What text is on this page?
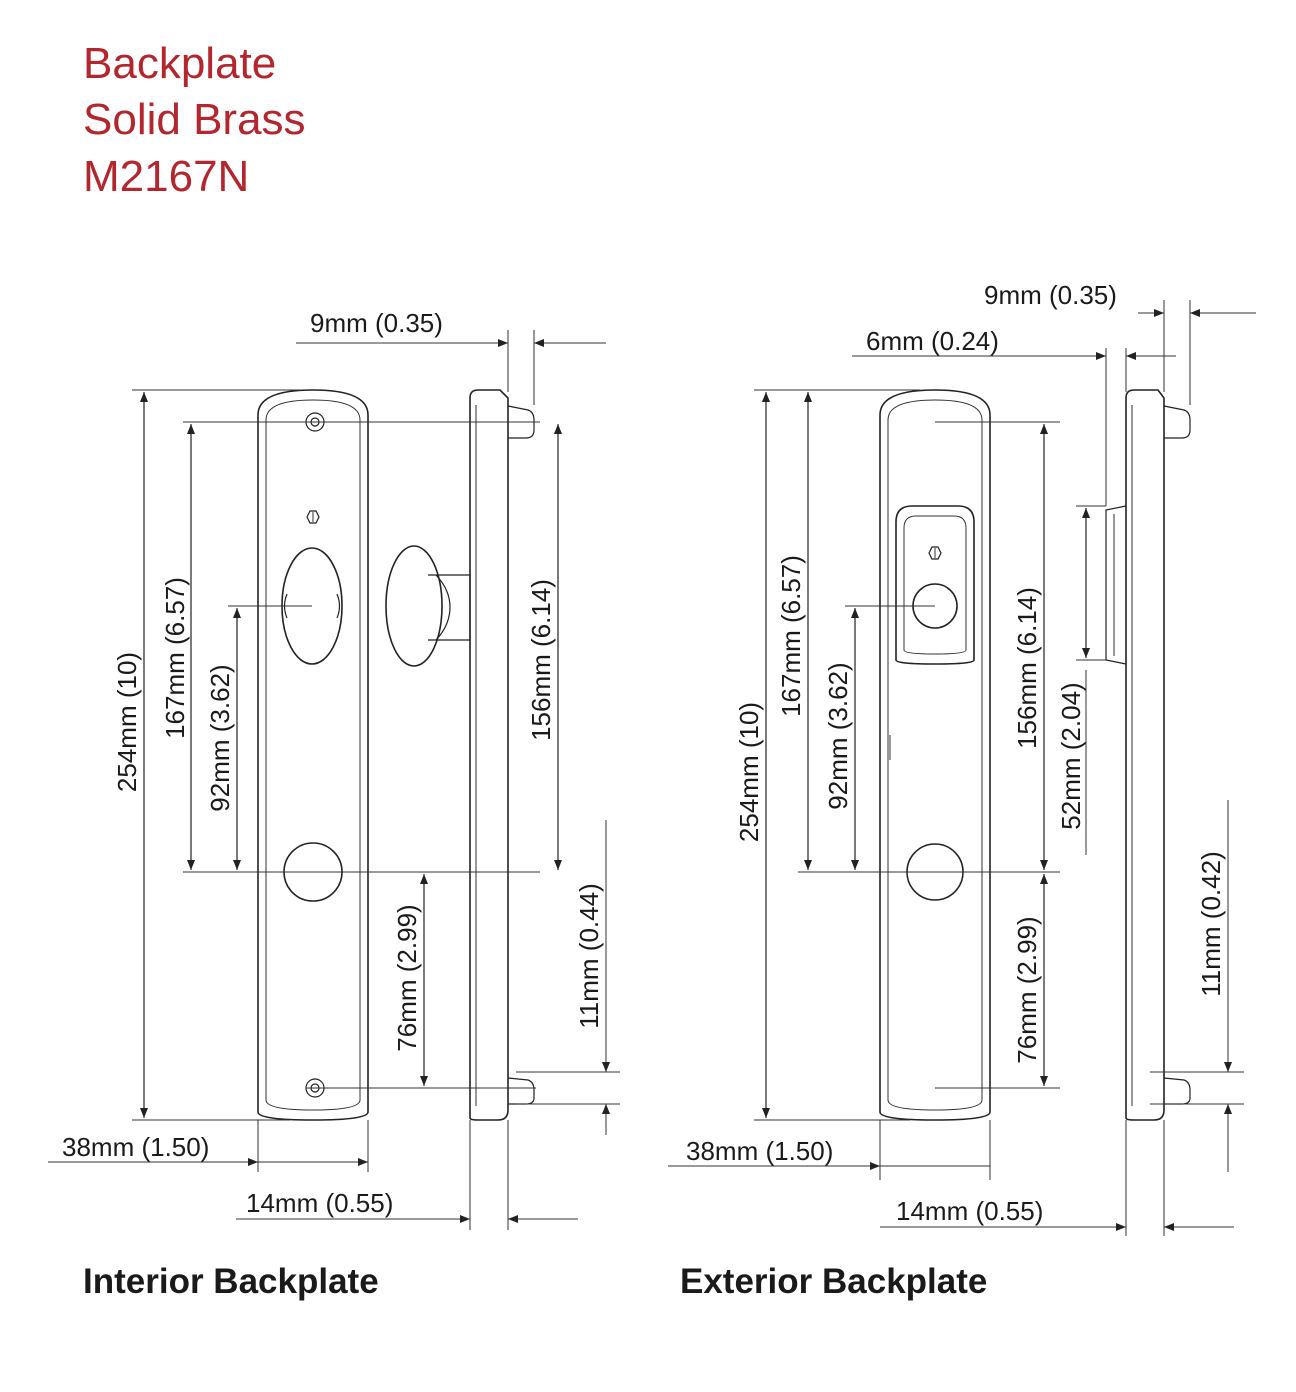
Backplate
Solid Brass
M2167N
9mm (0.35)
254mm (10) 167mm (6.57) 92mm (3.62)	156mm (6.14)
76mm (2.99)	11mm (0.44)
38mm (1.50)
14mm (0.55)
9mm (0.35)
6mm (0.24)
254mm (10)
167mm (6.57)
92mm (3.62)	156mm (6.14)
52mm (2.04)
76mm (2.99)	11mm (0.42)
38mm (1.50)
14mm (0.55)
Interior Backplate	Exterior Backplate
